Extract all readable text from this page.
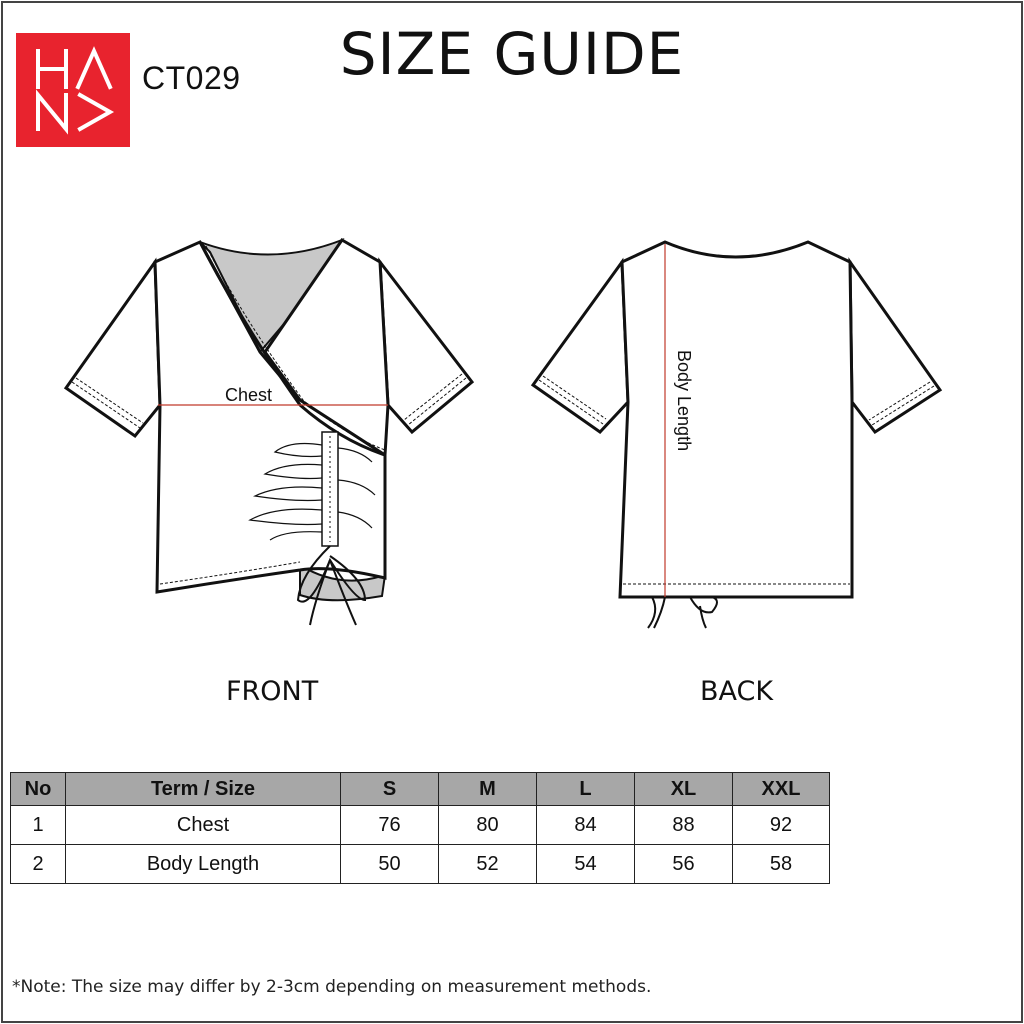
CT029	SIZE GUIDE
Chest	Body Length
FRONT	BACK
No	Term / Size	S	M	L	XL	XXL
1	Chest	76	80	84	88	92
2	Body Length	50	52	54	56	58
*Note: The size may differ by 2-3cm depending on measurement methods.
